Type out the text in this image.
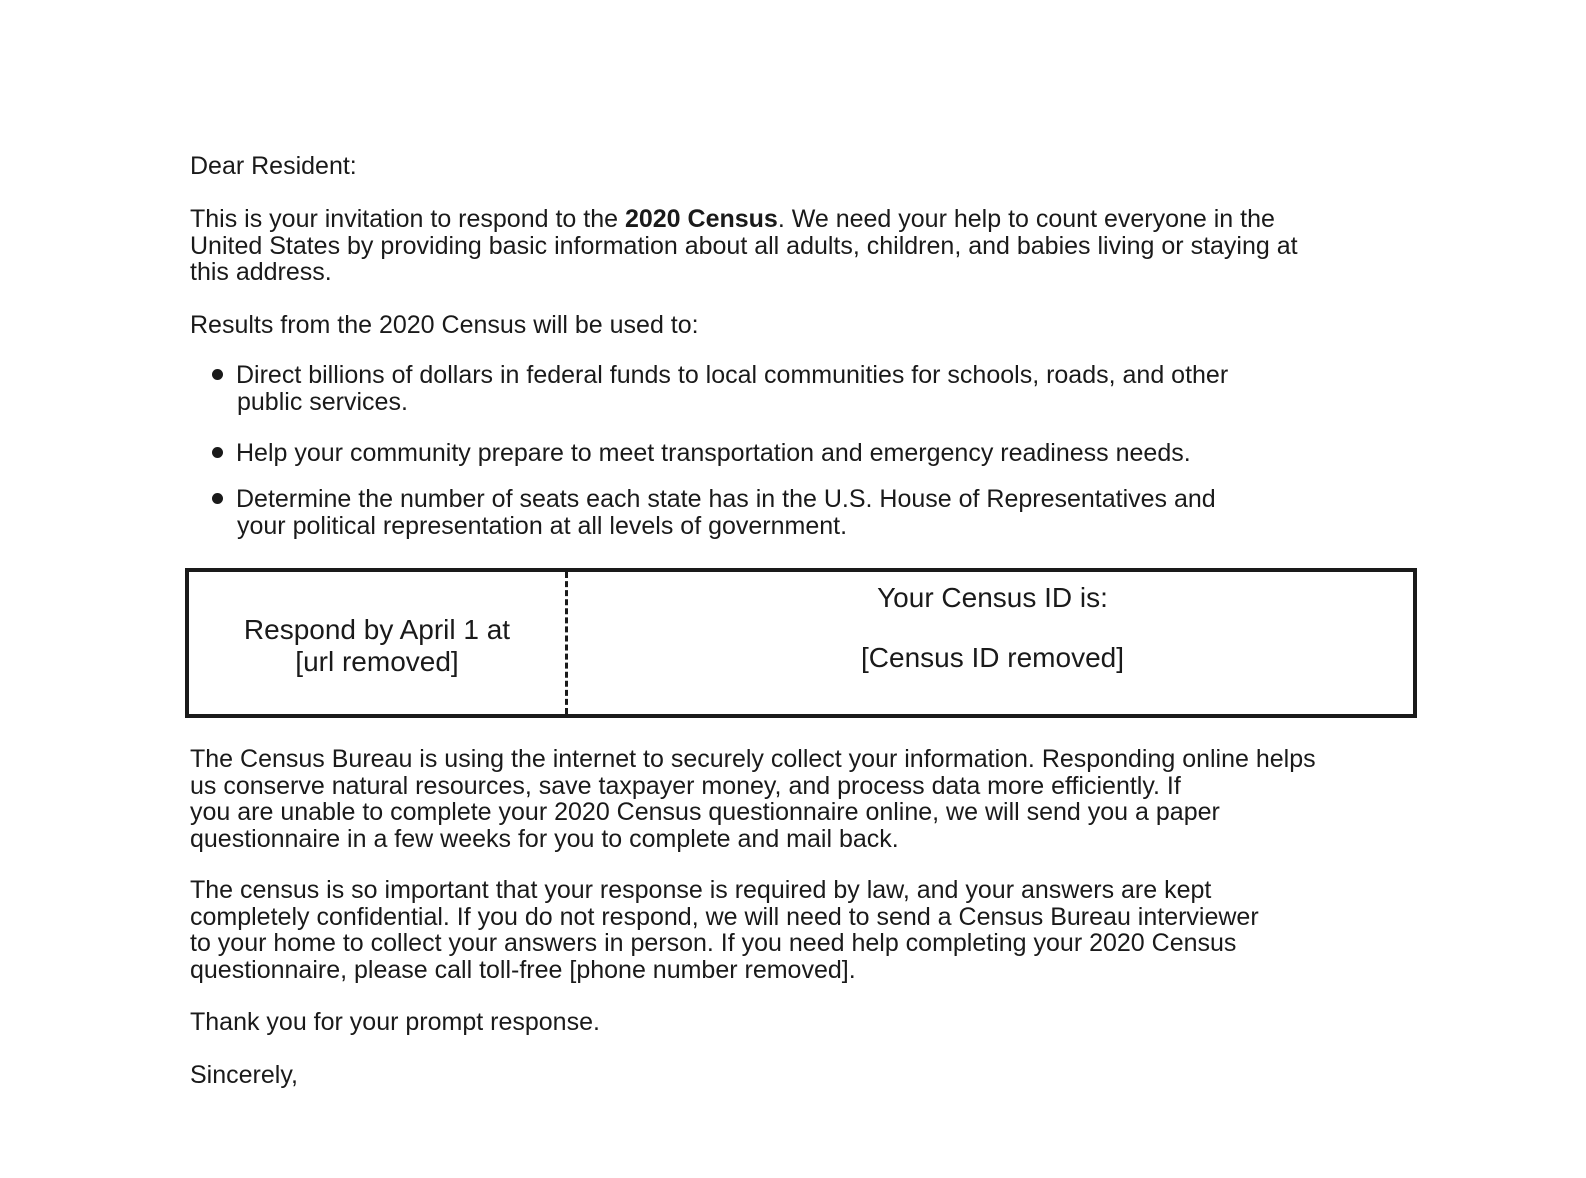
Dear Resident:

This is your invitation to respond to the 2020 Census. We need your help to count everyone in the
United States by providing basic information about all adults, children, and babies living or staying at
this address.

Results from the 2020 Census will be used to:

Direct billions of dollars in federal funds to local communities for schools, roads, and other
public services.
Help your community prepare to meet transportation and emergency readiness needs.
Determine the number of seats each state has in the U.S. House of Representatives and
your political representation at all levels of government.
Respond by April 1 at
[url removed]
Your Census ID is:
[Census ID removed]

The Census Bureau is using the internet to securely collect your information. Responding online helps
us conserve natural resources, save taxpayer money, and process data more efficiently. If
you are unable to complete your 2020 Census questionnaire online, we will send you a paper
questionnaire in a few weeks for you to complete and mail back.

The census is so important that your response is required by law, and your answers are kept
completely confidential. If you do not respond, we will need to send a Census Bureau interviewer
to your home to collect your answers in person. If you need help completing your 2020 Census
questionnaire, please call toll-free [phone number removed].

Thank you for your prompt response.

Sincerely,
